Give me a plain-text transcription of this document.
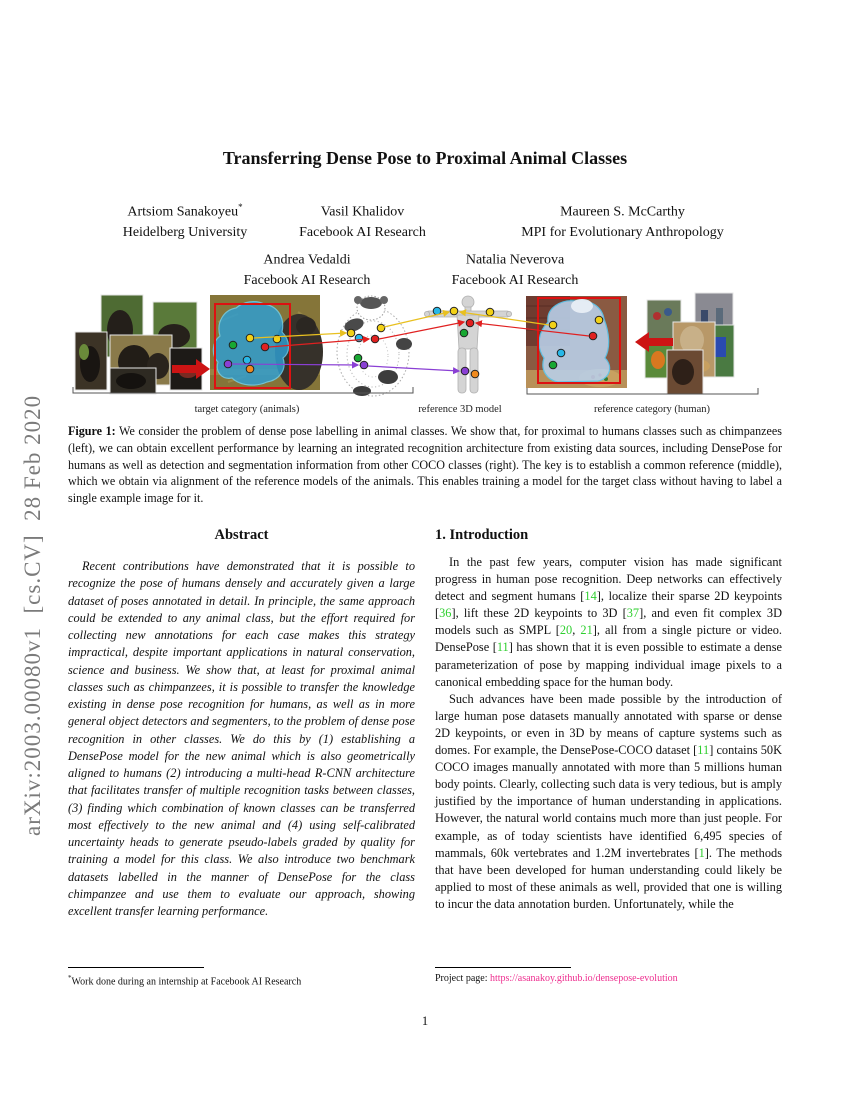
arXiv:2003.00080v1  [cs.CV]  28 Feb 2020
Transferring Dense Pose to Proximal Animal Classes
Artsiom Sanakoyeu*
Heidelberg University
Vasil Khalidov
Facebook AI Research
Maureen S. McCarthy
MPI for Evolutionary Anthropology
Andrea Vedaldi
Facebook AI Research
Natalia Neverova
Facebook AI Research
target category (animals)	reference 3D model	reference category (human)
Figure 1: We consider the problem of dense pose labelling in animal classes. We show that, for proximal to humans classes such as chimpanzees (left), we can obtain excellent performance by learning an integrated recognition architecture from existing data sources, including DensePose for humans as well as detection and segmentation information from other COCO classes (right). The key is to establish a common reference (middle), which we obtain via alignment of the reference models of the animals. This enables training a model for the target class without having to label a single example image for it.
Abstract

Recent contributions have demonstrated that it is possible to recognize the pose of humans densely and accurately given a large dataset of poses annotated in detail. In principle, the same approach could be extended to any animal class, but the effort required for collecting new annotations for each case makes this strategy impractical, despite important applications in natural conservation, science and business. We show that, at least for proximal animal classes such as chimpanzees, it is possible to transfer the knowledge existing in dense pose recognition for humans, as well as in more general object detectors and segmenters, to the problem of dense pose recognition in other classes. We do this by (1) establishing a DensePose model for the new animal which is also geometrically aligned to humans (2) introducing a multi-head R-CNN architecture that facilitates transfer of multiple recognition tasks between classes, (3) finding which combination of known classes can be transferred most effectively to the new animal and (4) using self-calibrated uncertainty heads to generate pseudo-labels graded by quality for training a model for this class. We also introduce two benchmark datasets labelled in the manner of DensePose for the class chimpanzee and use them to evaluate our approach, showing excellent transfer learning performance.

1. Introduction

In the past few years, computer vision has made significant progress in human pose recognition. Deep networks can effectively detect and segment humans [14], localize their sparse 2D keypoints [36], lift these 2D keypoints to 3D [37], and even fit complex 3D models such as SMPL [20, 21], all from a single picture or video. DensePose [11] has shown that it is even possible to estimate a dense parameterization of pose by mapping individual image pixels to a canonical embedding space for the human body.

Such advances have been made possible by the introduction of large human pose datasets manually annotated with sparse or dense 2D keypoints, or even in 3D by means of capture systems such as domes. For example, the DensePose-COCO dataset [11] contains 50K COCO images manually annotated with more than 5 millions human body points. Clearly, collecting such data is very tedious, but is amply justified by the importance of human understanding in applications. However, the natural world contains much more than just people. For example, as of today scientists have identified 6,495 species of mammals, 60k vertebrates and 1.2M invertebrates [1]. The methods that have been developed for human understanding could likely be applied to most of these animals as well, provided that one is willing to incur the data annotation burden. Unfortunately, while the

*Work done during an internship at Facebook AI Research	Project page: https://asanakoy.github.io/densepose-evolution
1
